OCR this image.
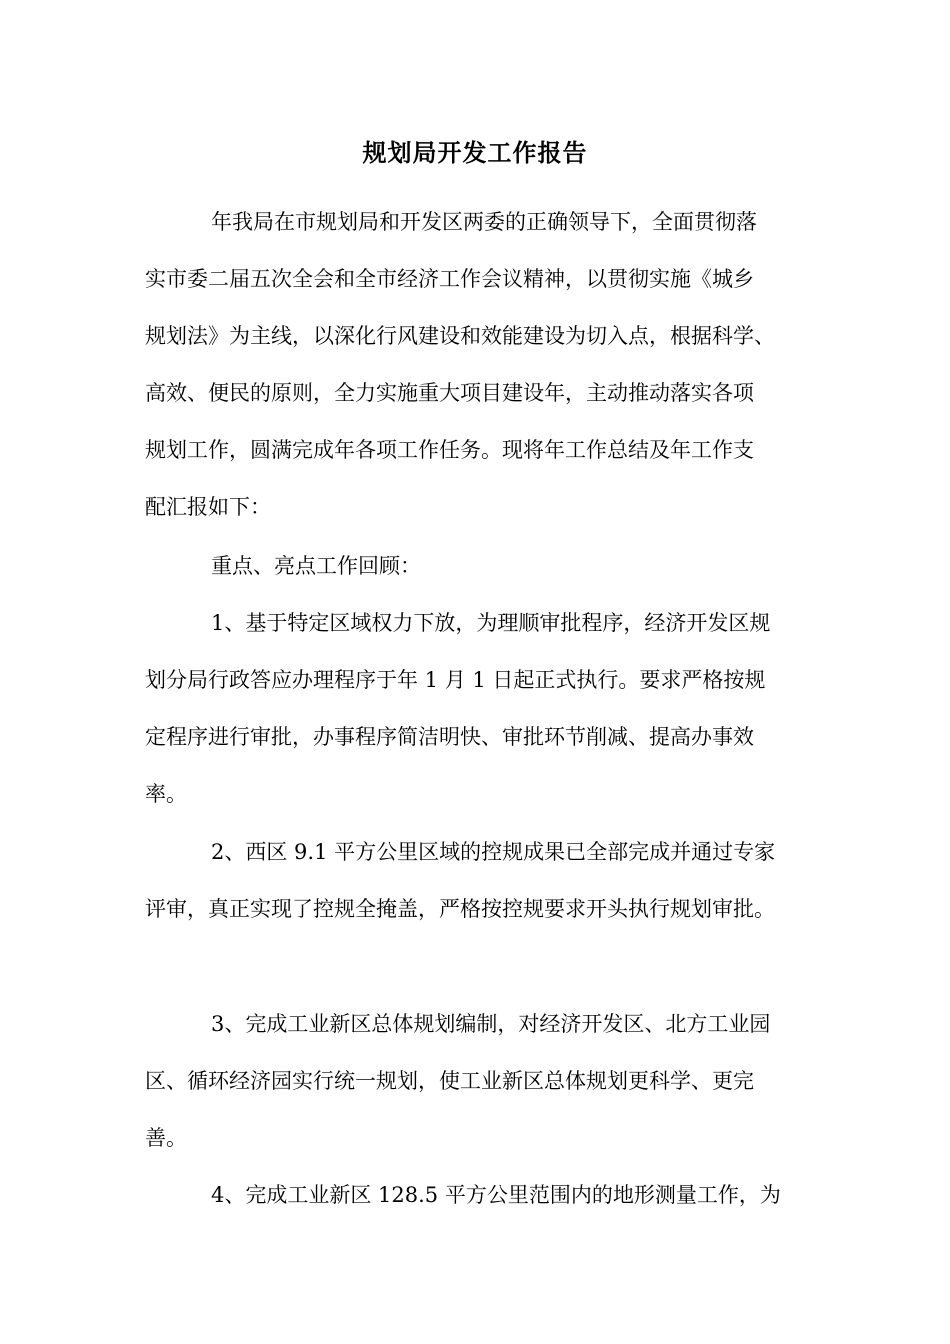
规划局开发工作报告
年我局在市规划局和开发区两委的正确领导下，全面贯彻落
实市委二届五次全会和全市经济工作会议精神，以贯彻实施《城乡
规划法》为主线，以深化行风建设和效能建设为切入点，根据科学、
高效、便民的原则，全力实施重大项目建设年，主动推动落实各项
规划工作，圆满完成年各项工作任务。现将年工作总结及年工作支
配汇报如下：
重点、亮点工作回顾：
1、基于特定区域权力下放，为理顺审批程序，经济开发区规
划分局行政答应办理程序于年 1 月 1 日起正式执行。要求严格按规
定程序进行审批，办事程序简洁明快、审批环节削减、提高办事效
率。
2、西区 9.1 平方公里区域的控规成果已全部完成并通过专家
评审，真正实现了控规全掩盖，严格按控规要求开头执行规划审批。
3、完成工业新区总体规划编制，对经济开发区、北方工业园
区、循环经济园实行统一规划，使工业新区总体规划更科学、更完
善。
4、完成工业新区 128.5 平方公里范围内的地形测量工作，为
